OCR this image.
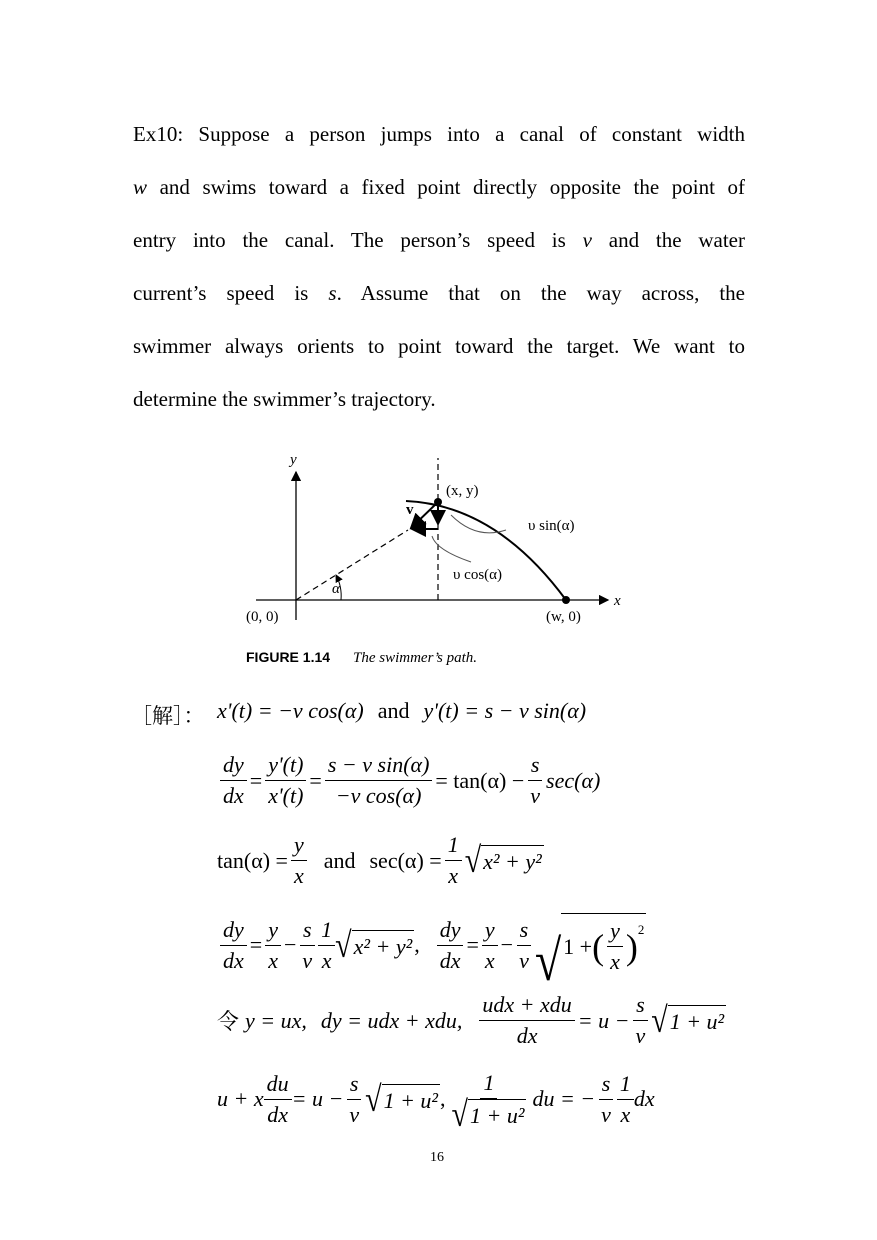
Ex10: Suppose a person jumps into a canal of constant width
w and swims toward a fixed point directly opposite the point of
entry into the canal. The person’s speed is v and the water
current’s speed is s. Assume that on the way across, the
swimmer always orients to point toward the target. We want to
determine the swimmer’s trajectory.
y
x
(x, y)
v
υ sin(α)
υ cos(α)
α
(0, 0)	(w, 0)
FIGURE 1.14 The swimmer’s path.
［解］： x'(t) = −v cos(α) and y'(t) = s − v sin(α)
$\frac{dy}{dx} = \frac{y'(t)}{x'(t)} = \frac{\text{s − v sin(α)}}{\text{−v cos(α)}} = \tan(\alpha) - \frac{s}{v} \sec(\alpha)$
$\tan(\alpha) = \frac{y}{x}$ and $\sec(\alpha) = \frac{1}{x}$ √ x² + y²
$\frac{dy}{dx} = \frac{y}{x} - \frac{s}{v} \frac{1}{x}$ √ x² + y² , $\frac{dy}{dx} = \frac{y}{x} - \frac{s}{v}$ √ 1 + ( $\frac{y}{x} )^2$
令 y = ux, dy = udx + xdu, $\frac{\text{udx + xdu}}{dx} = u - \frac{s}{v}$ √ 1 + u²
u + x $\frac{du}{dx} = u - \frac{s}{v}$ √ 1 + u² , $\frac{1}{\text{√ 1 + u²}}$ du = − $\frac{s}{v} \frac{1}{x}$ dx
16
